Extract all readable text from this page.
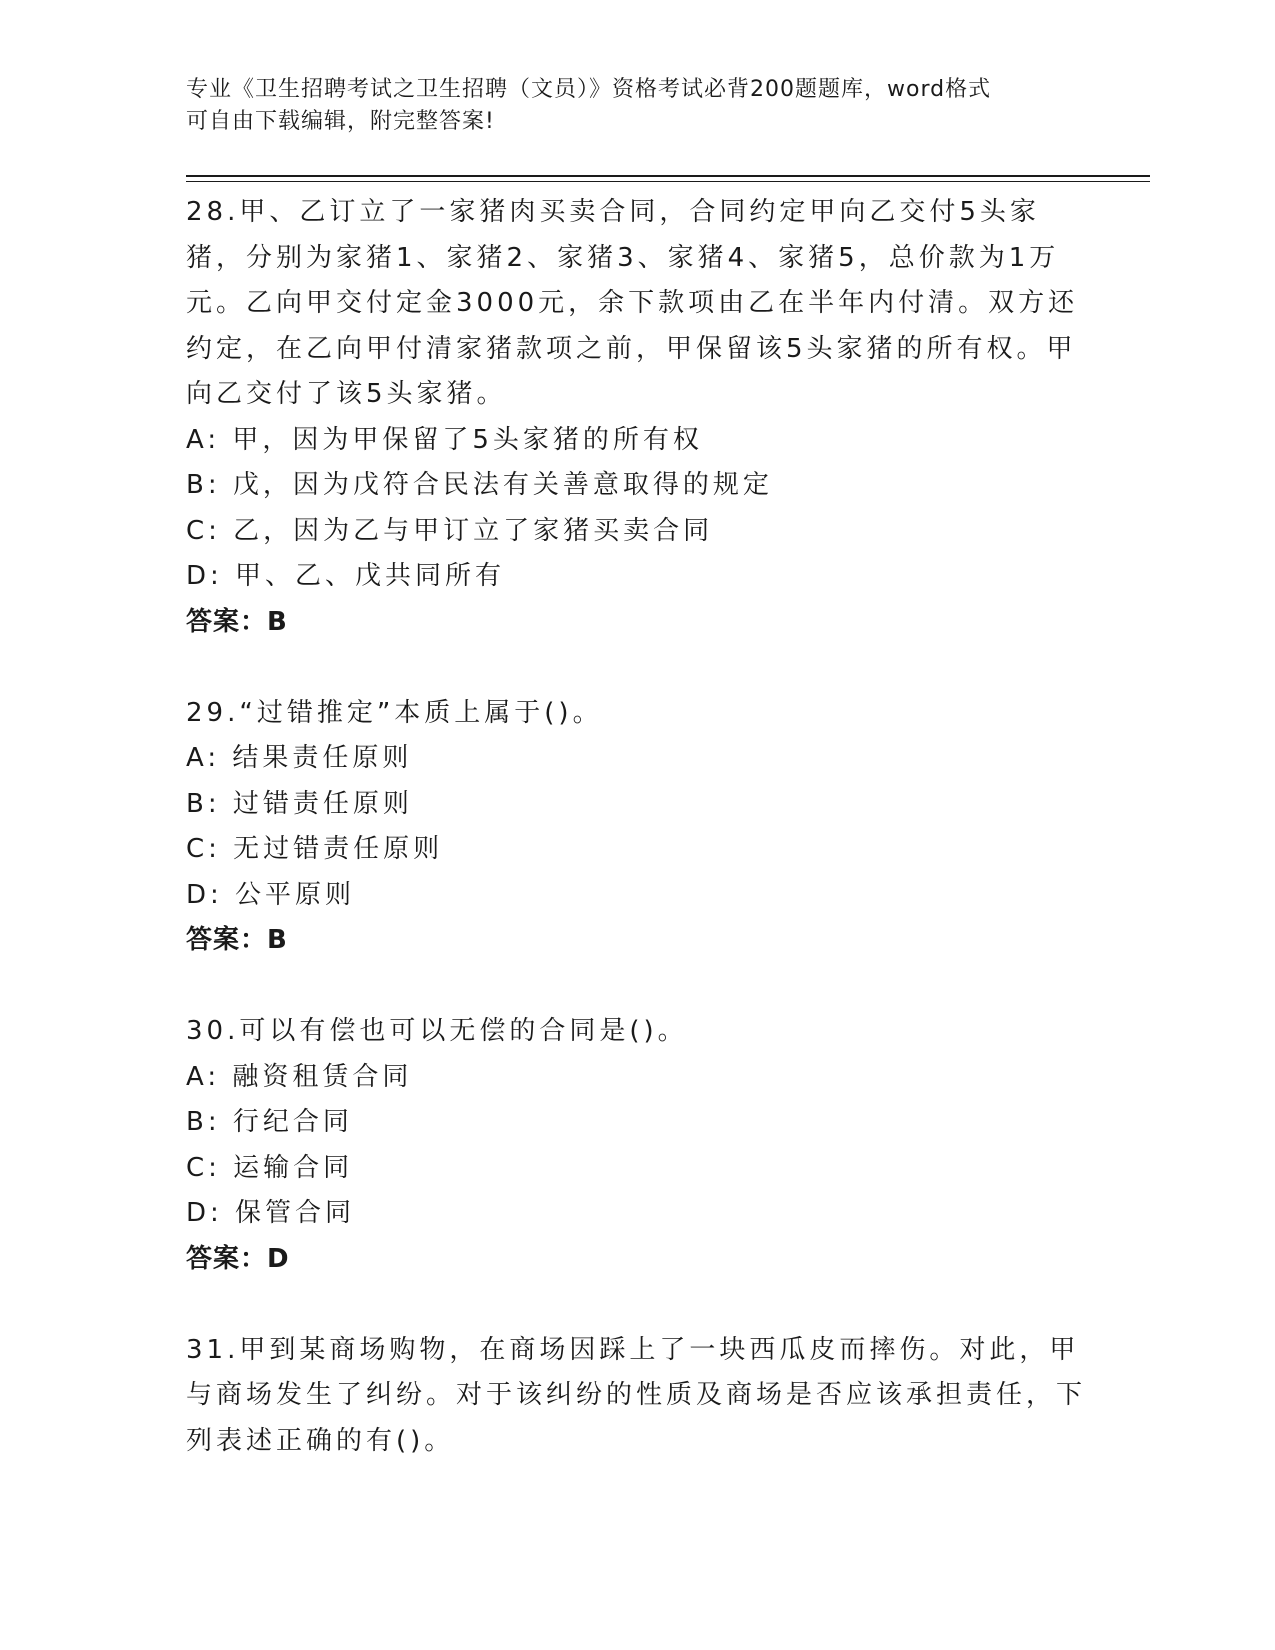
专业《卫生招聘考试之卫生招聘（文员）》资格考试必背200题题库，word格式
可自由下载编辑，附完整答案!

28.甲、乙订立了一家猪肉买卖合同，合同约定甲向乙交付5头家猪，分别为家猪1、家猪2、家猪3、家猪4、家猪5，总价款为1万元。乙向甲交付定金3000元，余下款项由乙在半年内付清。双方还约定，在乙向甲付清家猪款项之前，甲保留该5头家猪的所有权。甲向乙交付了该5头家猪。

A: 甲，因为甲保留了5头家猪的所有权

B: 戊，因为戊符合民法有关善意取得的规定

C: 乙，因为乙与甲订立了家猪买卖合同

D: 甲、乙、戊共同所有

答案：B

29.“过错推定”本质上属于()。

A: 结果责任原则

B: 过错责任原则

C: 无过错责任原则

D: 公平原则

答案：B

30.可以有偿也可以无偿的合同是()。

A: 融资租赁合同

B: 行纪合同

C: 运输合同

D: 保管合同

答案：D

31.甲到某商场购物，在商场因踩上了一块西瓜皮而摔伤。对此，甲与商场发生了纠纷。对于该纠纷的性质及商场是否应该承担责任，下列表述正确的有()。
